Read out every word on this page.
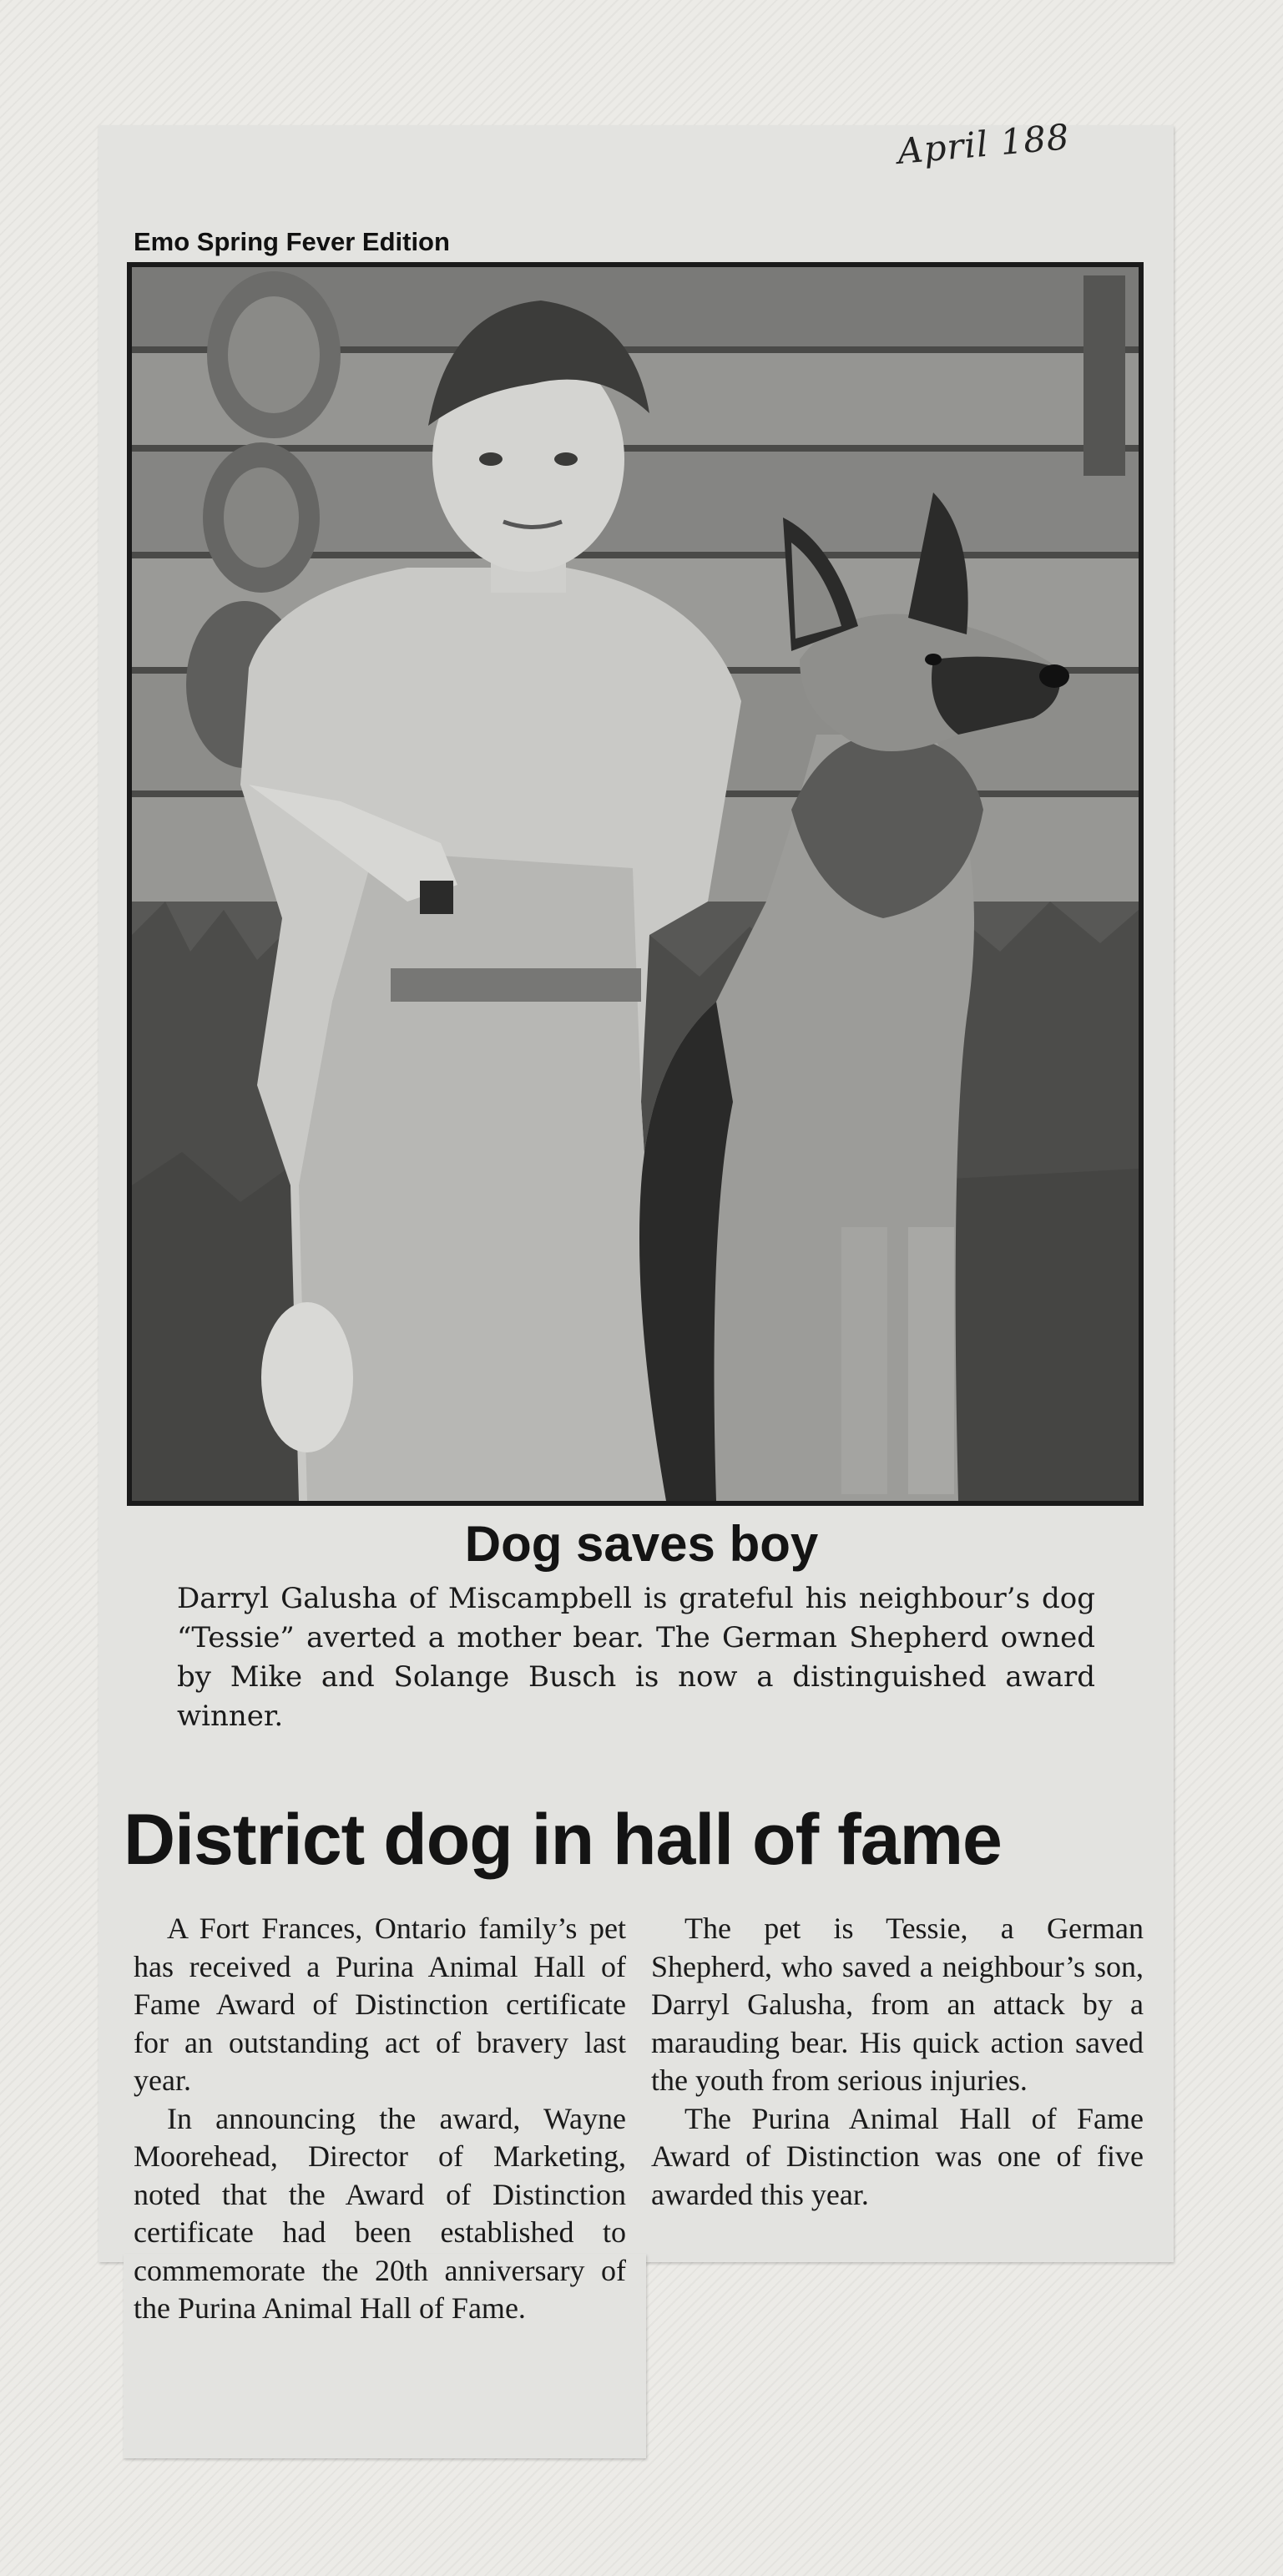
April 188
Emo Spring Fever Edition
Dog saves boy
Darryl Galusha of Miscampbell is grateful his neighbour’s dog “Tessie” averted a mother bear. The German Shepherd owned by Mike and Solange Busch is now a distinguished award winner.
District dog in hall of fame

A Fort Frances, Ontario family’s pet has received a Purina Animal Hall of Fame Award of Distinction certificate for an outstanding act of bravery last year.

In announcing the award, Wayne Moorehead, Director of Marketing, noted that the Award of Distinction certificate had been established to commemorate the 20th anniversary of the Purina Animal Hall of Fame.

The pet is Tessie, a German Shepherd, who saved a neighbour’s son, Darryl Galusha, from an attack by a marauding bear. His quick action saved the youth from serious injuries.

The Purina Animal Hall of Fame Award of Distinction was one of five awarded this year.
